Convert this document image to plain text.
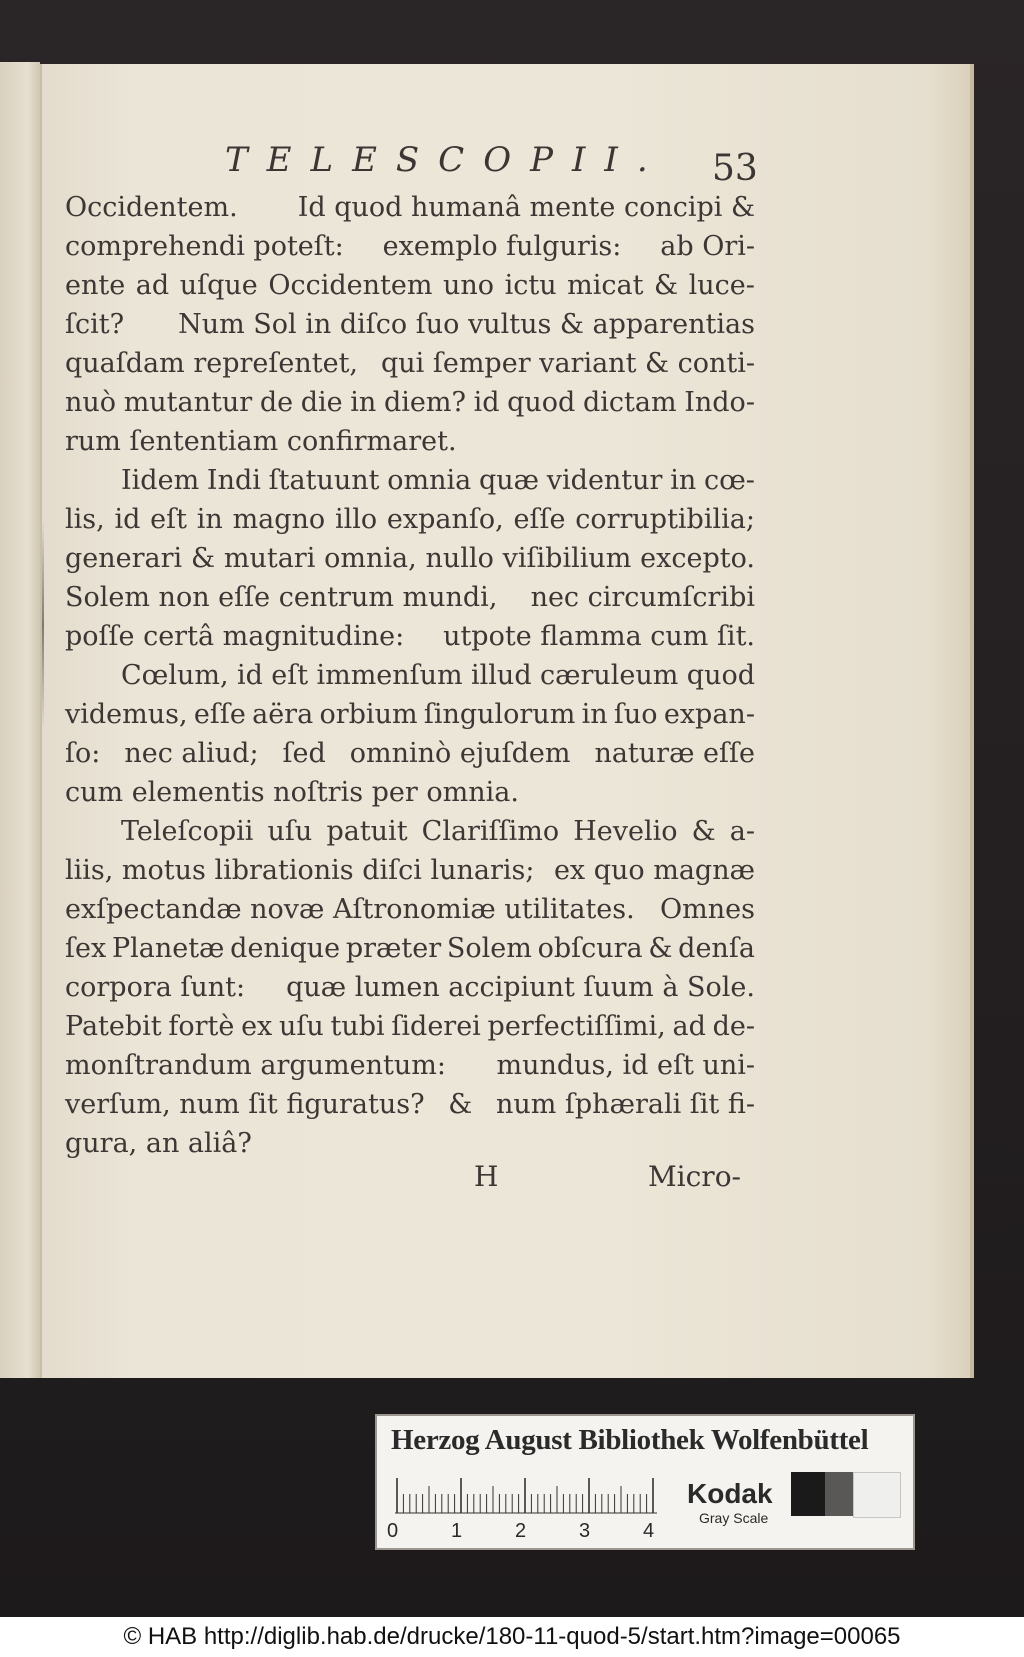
TELESCOPII. 53
Occidentem. Id quod humanâ mente concipi &
comprehendi poteſt: exemplo fulguris: ab Ori-
ente ad uſque Occidentem uno ictu micat & luce-
ſcit? Num Sol in diſco ſuo vultus & apparentias
quaſdam repreſentet, qui ſemper variant & conti-
nuò mutantur de die in diem? id quod dictam Indo-
rum ſententiam confirmaret.
Iidem Indi ſtatuunt omnia quæ videntur in cœ-
lis, id eſt in magno illo expanſo, eſſe corruptibilia;
generari & mutari omnia, nullo viſibilium excepto.
Solem non eſſe centrum mundi, nec circumſcribi
poſſe certâ magnitudine: utpote flamma cum ſit.
Cœlum, id eſt immenſum illud cæruleum quod
videmus, eſſe aëra orbium ſingulorum in ſuo expan-
ſo: nec aliud; ſed omninò ejuſdem naturæ eſſe
cum elementis noſtris per omnia.
Teleſcopii uſu patuit Clariſſimo Hevelio & a-
liis, motus librationis diſci lunaris; ex quo magnæ
exſpectandæ novæ Aſtronomiæ utilitates. Omnes
ſex Planetæ denique præter Solem obſcura & denſa
corpora ſunt: quæ lumen accipiunt ſuum à Sole.
Patebit fortè ex uſu tubi ſiderei perfectiſſimi, ad de-
monſtrandum argumentum: mundus, id eſt uni-
verſum, num ſit figuratus? & num ſphærali ſit fi-
gura, an aliâ?
H	Micro-
Herzog August Bibliothek Wolfenbüttel
0	1	2	3	4
Kodak
Gray Scale
© HAB http://diglib.hab.de/drucke/180-11-quod-5/start.htm?image=00065
